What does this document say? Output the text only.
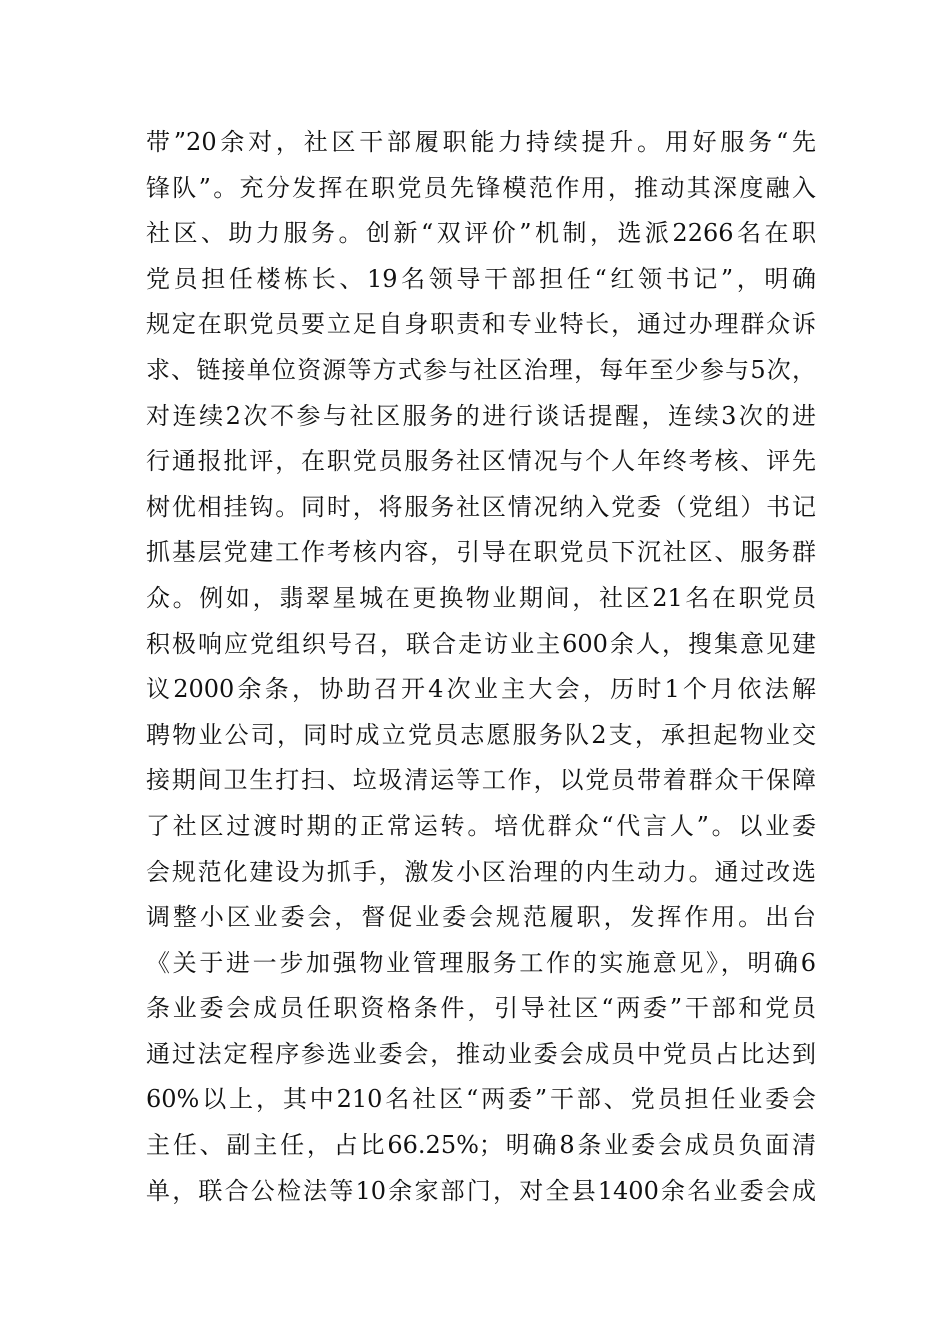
带”20余对，社区干部履职能力持续提升。用好服务“先
锋队”。充分发挥在职党员先锋模范作用，推动其深度融入
社区、助力服务。创新“双评价”机制，选派2266名在职
党员担任楼栋长、19名领导干部担任“红领书记”，明确
规定在职党员要立足自身职责和专业特长，通过办理群众诉
求、链接单位资源等方式参与社区治理，每年至少参与5次，
对连续2次不参与社区服务的进行谈话提醒，连续3次的进
行通报批评，在职党员服务社区情况与个人年终考核、评先
树优相挂钩。同时，将服务社区情况纳入党委（党组）书记
抓基层党建工作考核内容，引导在职党员下沉社区、服务群
众。例如，翡翠星城在更换物业期间，社区21名在职党员
积极响应党组织号召，联合走访业主600余人，搜集意见建
议2000余条，协助召开4次业主大会，历时1个月依法解
聘物业公司，同时成立党员志愿服务队2支，承担起物业交
接期间卫生打扫、垃圾清运等工作，以党员带着群众干保障
了社区过渡时期的正常运转。培优群众“代言人”。以业委
会规范化建设为抓手，激发小区治理的内生动力。通过改选
调整小区业委会，督促业委会规范履职，发挥作用。出台
《关于进一步加强物业管理服务工作的实施意见》，明确6
条业委会成员任职资格条件，引导社区“两委”干部和党员
通过法定程序参选业委会，推动业委会成员中党员占比达到
60%以上，其中210名社区“两委”干部、党员担任业委会
主任、副主任，占比66.25%；明确8条业委会成员负面清
单，联合公检法等10余家部门，对全县1400余名业委会成
